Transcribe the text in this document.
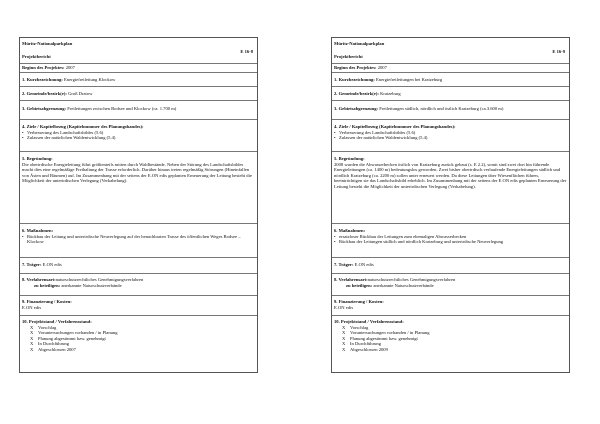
Müritz-Nationalparkplan
E 16-8
Projektbericht
Beginn des Projektes: 2007
1. Kurzbezeichnung: Energiefreileitung Klockow
2. Gemeinde/bezirk(e): Groß Dratow
3. Gebietsabgrenzung: Freileitungen zwischen Bodsee und Klockow (ca. 1.700 m)
4. Ziele / Kapitelbezug (Kapitelnummer des Planungsbandes):
• Verbesserung des Landschaftsbildes (5.6)
• Zulassen der natürlichen Waldentwicklung (5.4)
5. Begründung:
Die oberirdische Energieleitung führt größtenteils mitten durch Waldbestände. Neben der Störung des Landschaftsbildes macht dies eine regelmäßige Freihaltung der Trasse erforderlich. Darüber hinaus treten regelmäßig Störungen (Hineinfallen von Ästen und Bäumen) auf. Im Zusammenhang mit der seitens der E.ON edis geplanten Erneuerung der Leitung besteht die Möglichkeit der unterirdischen Verlegung (Verkabelung).
6. Maßnahmen:
• Rückbau der Leitung und unterirdische Neuverlegung auf der benachbarten Trasse des öffentlichen Weges Bodsee – Klockow
7. Träger: E.ON edis
8. Verfahrensart:naturschutzrechtliches Genehmigungsverfahren
zu beteiligen: anerkannte Naturschutzverbände
9. Finanzierung / Kosten:
E.ON edis
10. Projektstand / Verfahrensstand:
X	Vorschlag
X	Voruntersuchungen vorhanden / in Planung
X	Planung abgestimmt bzw. genehmigt
X	In Durchführung
X	Abgeschlossen 2007
Müritz-Nationalparkplan
E 16-9
Projektbericht
Beginn des Projektes: 2007
1. Kurzbezeichnung: Energiefreileitungen bei Kratzeburg
2. Gemeinde/bezirk(e): Kratzeburg
3. Gebietsabgrenzung: Freileitungen südlich, nördlich und östlich Kratzeburg (ca.3.600 m)
4. Ziele / Kapitelbezug (Kapitelnummer des Planungsbandes):
• Verbesserung des Landschaftsbildes (5.6)
• Zulassen der natürlichen Waldentwicklung (5.4)
5. Begründung:
2008 wurden die Abwasserbecken östlich von Kratzeburg zurück gebaut (s. E 2.2), somit sind zwei dort hin führende Energieleitungen (ca. 1400 m) bedeutungslos geworden. Zwei bisher oberirdisch verlaufende Energieleitungen südlich und nördlich Kratzeburg (ca. 2200 m) sollen unter erneuert werden. Da diese Leitungen über Wiesenflächen führen, beeinträchtigen sie das Landschaftsbild erheblich. Im Zusammenhang mit der seitens der E.ON edis geplanten Erneuerung der Leitung besteht die Möglichkeit der unterirdischen Verlegung (Verkabelung).
6. Maßnahmen:
• ersatzloser Rückbau der Leitungen zum ehemaligen Abwasserbecken
• Rückbau der Leitungen südlich und nördlich Kratzeburg und unterirdische Neuverlegung
7. Träger: E.ON edis
8. Verfahrensart:naturschutzrechtliches Genehmigungsverfahren
zu beteiligen: anerkannte Naturschutzverbände
9. Finanzierung / Kosten:
E.ON edis
10. Projektstand / Verfahrensstand:
X	Vorschlag
X	Voruntersuchungen vorhanden / in Planung
X	Planung abgestimmt bzw. genehmigt
X	In Durchführung
X	Abgeschlossen 2009
